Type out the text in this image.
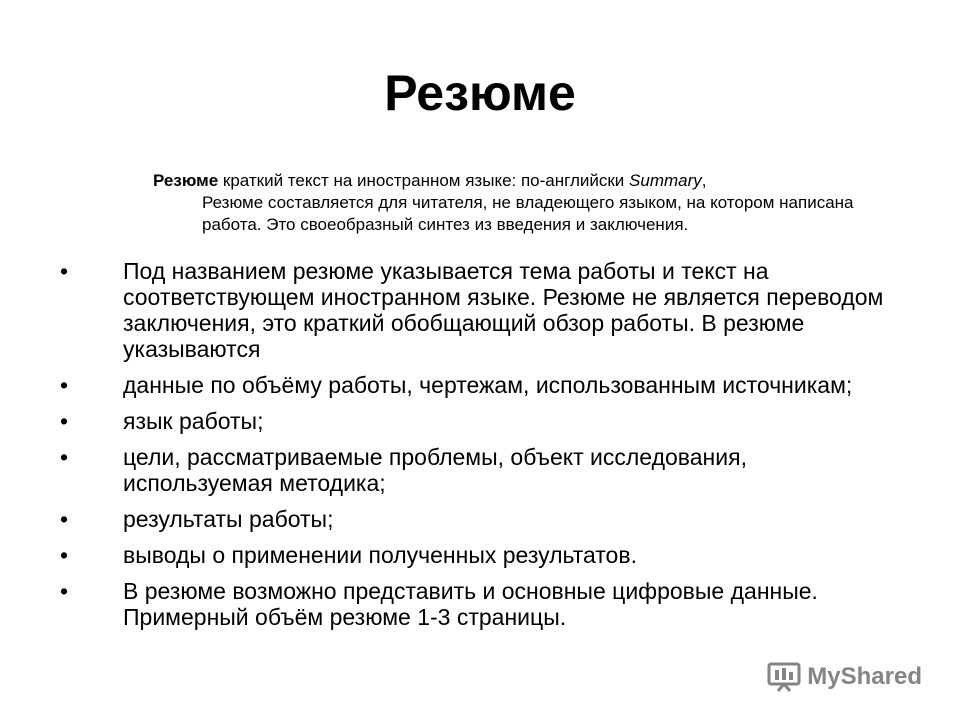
Резюме
Резюме краткий текст на иностранном языке: по-английски Summary,
Резюме составляется для читателя, не владеющего языком, на котором написана работа. Это своеобразный синтез из введения и заключения.
•	Под названием резюме указывается тема работы и текст на соответствующем иностранном языке. Резюме не является переводом заключения, это краткий обобщающий обзор работы. В резюме указываются
•	данные по объёму работы, чертежам, использованным источникам;
•	язык работы;
•	цели, рассматриваемые проблемы, объект исследования, используемая методика;
•	результаты работы;
•	выводы о применении полученных результатов.
•	В резюме возможно представить и основные цифровые данные. Примерный объём резюме 1-3 страницы.
MyShared
